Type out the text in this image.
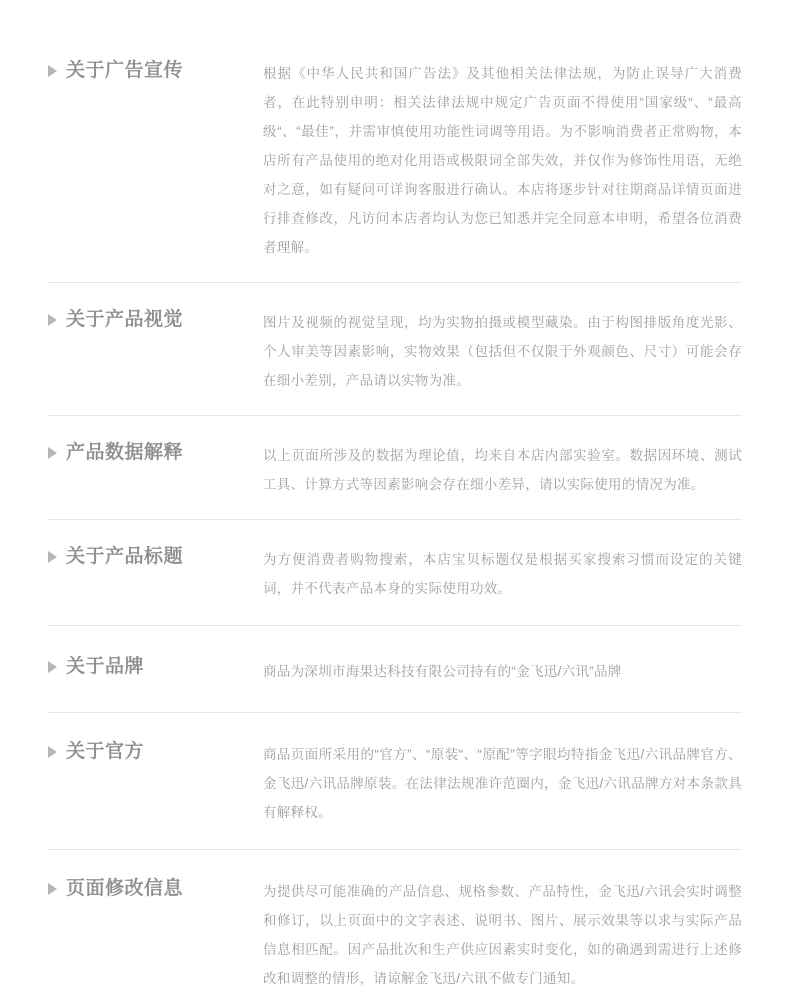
关于广告宣传	根据《中华人民共和国广告法》及其他相关法律法规，为防止误导广大消费者，在此特别申明：相关法律法规中规定广告页面不得使用“国家级“、“最高级“、“最佳”，并需审慎使用功能性词调等用语。为不影响消费者正常购物，本店所有产品使用的绝对化用语或极限词全部失效，并仅作为修饰性用语，无绝对之意，如有疑问可详询客服进行确认。本店将逐步针对往期商品详情页面进行排查修改，凡访问本店者均认为您已知悉并完全同意本申明，希望各位消费者理解。
关于产品视觉	图片及视频的视觉呈现，均为实物拍摄或模型藏染。由于构图排版角度光影、个人审美等因素影响，实物效果（包括但不仅限于外观颜色、尺寸）可能会存在细小差别，产品请以实物为准。
产品数据解释	以上页面所涉及的数据为理论值，均来自本店内部实验室。数据因环境、测试工具、计算方式等因素影响会存在细小差异，请以实际使用的情况为准。
关于产品标题	为方便消费者购物搜索，本店宝贝标题仅是根据买家搜索习惯而设定的关键词，并不代表产品本身的实际使用功效。
关于品牌	商品为深圳市海果达科技有限公司持有的“金飞迅/六讯”品牌
关于官方	商品页面所采用的“官方”、“原装“、“原配”等字眼均特指金飞迅/六讯品牌官方、金飞迅/六讯品牌原装。在法律法规准许范圈内，金飞迅/六讯品牌方对本条款具有解释权。
页面修改信息	为提供尽可能准确的产品信息、规格参数、产品特性，金飞迅/六讯会实时调整和修订，以上页面中的文字表述、说明书、图片、展示效果等以求与实际产品信息相匹配。因产品批次和生产供应因素实时变化，如的确遇到需进行上述修改和调整的情形，请谅解金飞迅/六讯不做专门通知。
